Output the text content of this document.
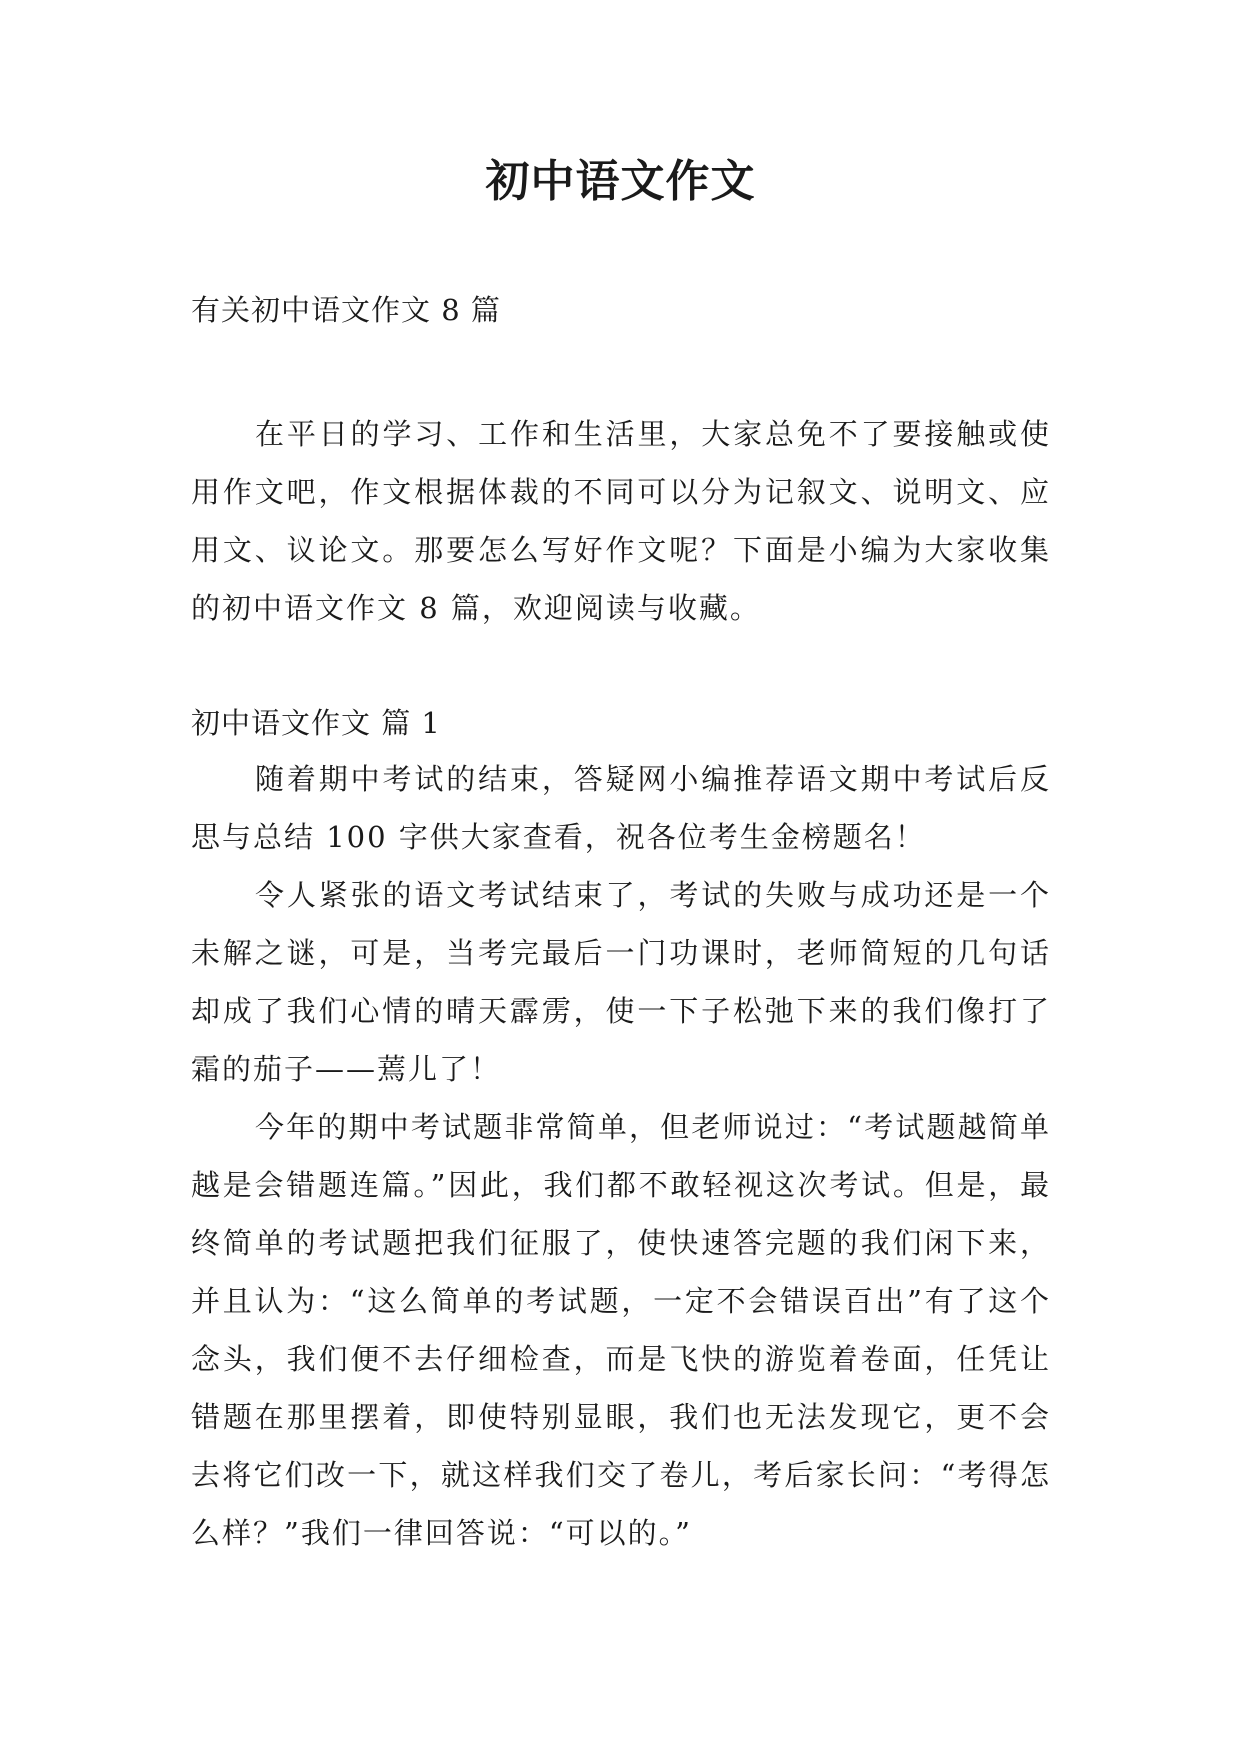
初中语文作文
有关初中语文作文 8 篇

在平日的学习、工作和生活里，大家总免不了要接触或使用作文吧，作文根据体裁的不同可以分为记叙文、说明文、应用文、议论文。那要怎么写好作文呢？下面是小编为大家收集的初中语文作文 8 篇，欢迎阅读与收藏。

初中语文作文 篇 1

随着期中考试的结束，答疑网小编推荐语文期中考试后反思与总结 100 字供大家查看，祝各位考生金榜题名！

令人紧张的语文考试结束了，考试的失败与成功还是一个未解之谜，可是，当考完最后一门功课时，老师简短的几句话却成了我们心情的晴天霹雳，使一下子松弛下来的我们像打了霜的茄子——蔫儿了！

今年的期中考试题非常简单，但老师说过：“考试题越简单越是会错题连篇。”因此，我们都不敢轻视这次考试。但是，最终简单的考试题把我们征服了，使快速答完题的我们闲下来，并且认为：“这么简单的考试题，一定不会错误百出”有了这个念头，我们便不去仔细检查，而是飞快的游览着卷面，任凭让错题在那里摆着，即使特别显眼，我们也无法发现它，更不会去将它们改一下，就这样我们交了卷儿，考后家长问：“考得怎么样？”我们一律回答说：“可以的。”
